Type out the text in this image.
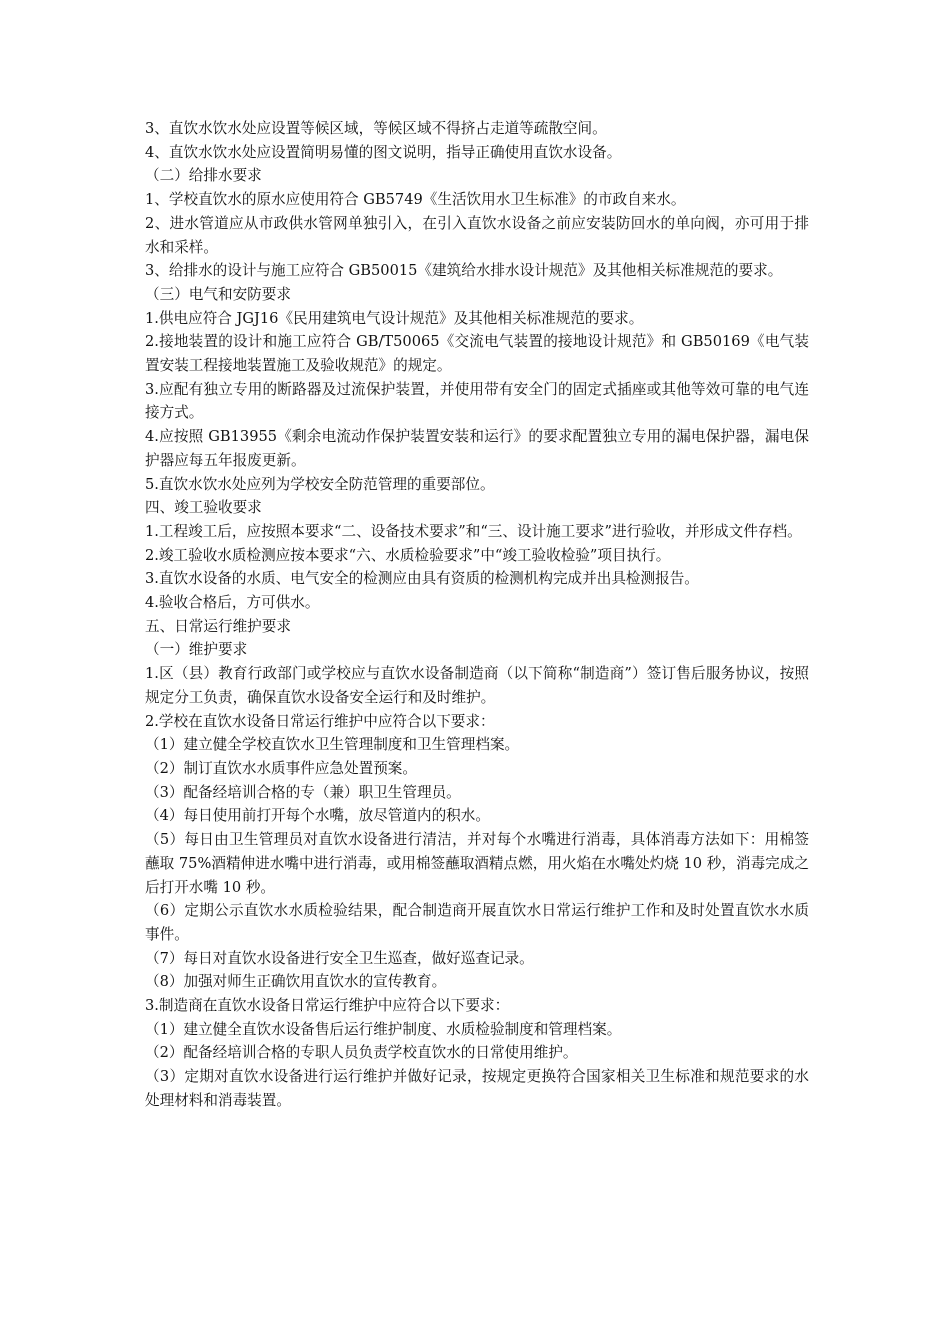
3、直饮水饮水处应设置等候区域，等候区域不得挤占走道等疏散空间。

4、直饮水饮水处应设置简明易懂的图文说明，指导正确使用直饮水设备。

（二）给排水要求

1、学校直饮水的原水应使用符合 GB5749《生活饮用水卫生标准》的市政自来水。

2、进水管道应从市政供水管网单独引入，在引入直饮水设备之前应安装防回水的单向阀，亦可用于排水和采样。

3、给排水的设计与施工应符合 GB50015《建筑给水排水设计规范》及其他相关标准规范的要求。

（三）电气和安防要求

1.供电应符合 JGJ16《民用建筑电气设计规范》及其他相关标准规范的要求。

2.接地装置的设计和施工应符合 GB/T50065《交流电气装置的接地设计规范》和 GB50169《电气装置安装工程接地装置施工及验收规范》的规定。

3.应配有独立专用的断路器及过流保护装置，并使用带有安全门的固定式插座或其他等效可靠的电气连接方式。

4.应按照 GB13955《剩余电流动作保护装置安装和运行》的要求配置独立专用的漏电保护器，漏电保护器应每五年报废更新。

5.直饮水饮水处应列为学校安全防范管理的重要部位。

四、竣工验收要求

1.工程竣工后，应按照本要求“二、设备技术要求”和“三、设计施工要求”进行验收，并形成文件存档。

2.竣工验收水质检测应按本要求“六、水质检验要求”中“竣工验收检验”项目执行。

3.直饮水设备的水质、电气安全的检测应由具有资质的检测机构完成并出具检测报告。

4.验收合格后，方可供水。

五、日常运行维护要求

（一）维护要求

1.区（县）教育行政部门或学校应与直饮水设备制造商（以下简称“制造商”）签订售后服务协议，按照规定分工负责，确保直饮水设备安全运行和及时维护。

2.学校在直饮水设备日常运行维护中应符合以下要求：

（1）建立健全学校直饮水卫生管理制度和卫生管理档案。

（2）制订直饮水水质事件应急处置预案。

（3）配备经培训合格的专（兼）职卫生管理员。

（4）每日使用前打开每个水嘴，放尽管道内的积水。

（5）每日由卫生管理员对直饮水设备进行清洁，并对每个水嘴进行消毒，具体消毒方法如下：用棉签蘸取 75%酒精伸进水嘴中进行消毒，或用棉签蘸取酒精点燃，用火焰在水嘴处灼烧 10 秒，消毒完成之后打开水嘴 10 秒。

（6）定期公示直饮水水质检验结果，配合制造商开展直饮水日常运行维护工作和及时处置直饮水水质事件。

（7）每日对直饮水设备进行安全卫生巡查，做好巡查记录。

（8）加强对师生正确饮用直饮水的宣传教育。

3.制造商在直饮水设备日常运行维护中应符合以下要求：

（1）建立健全直饮水设备售后运行维护制度、水质检验制度和管理档案。

（2）配备经培训合格的专职人员负责学校直饮水的日常使用维护。

（3）定期对直饮水设备进行运行维护并做好记录，按规定更换符合国家相关卫生标准和规范要求的水处理材料和消毒装置。
